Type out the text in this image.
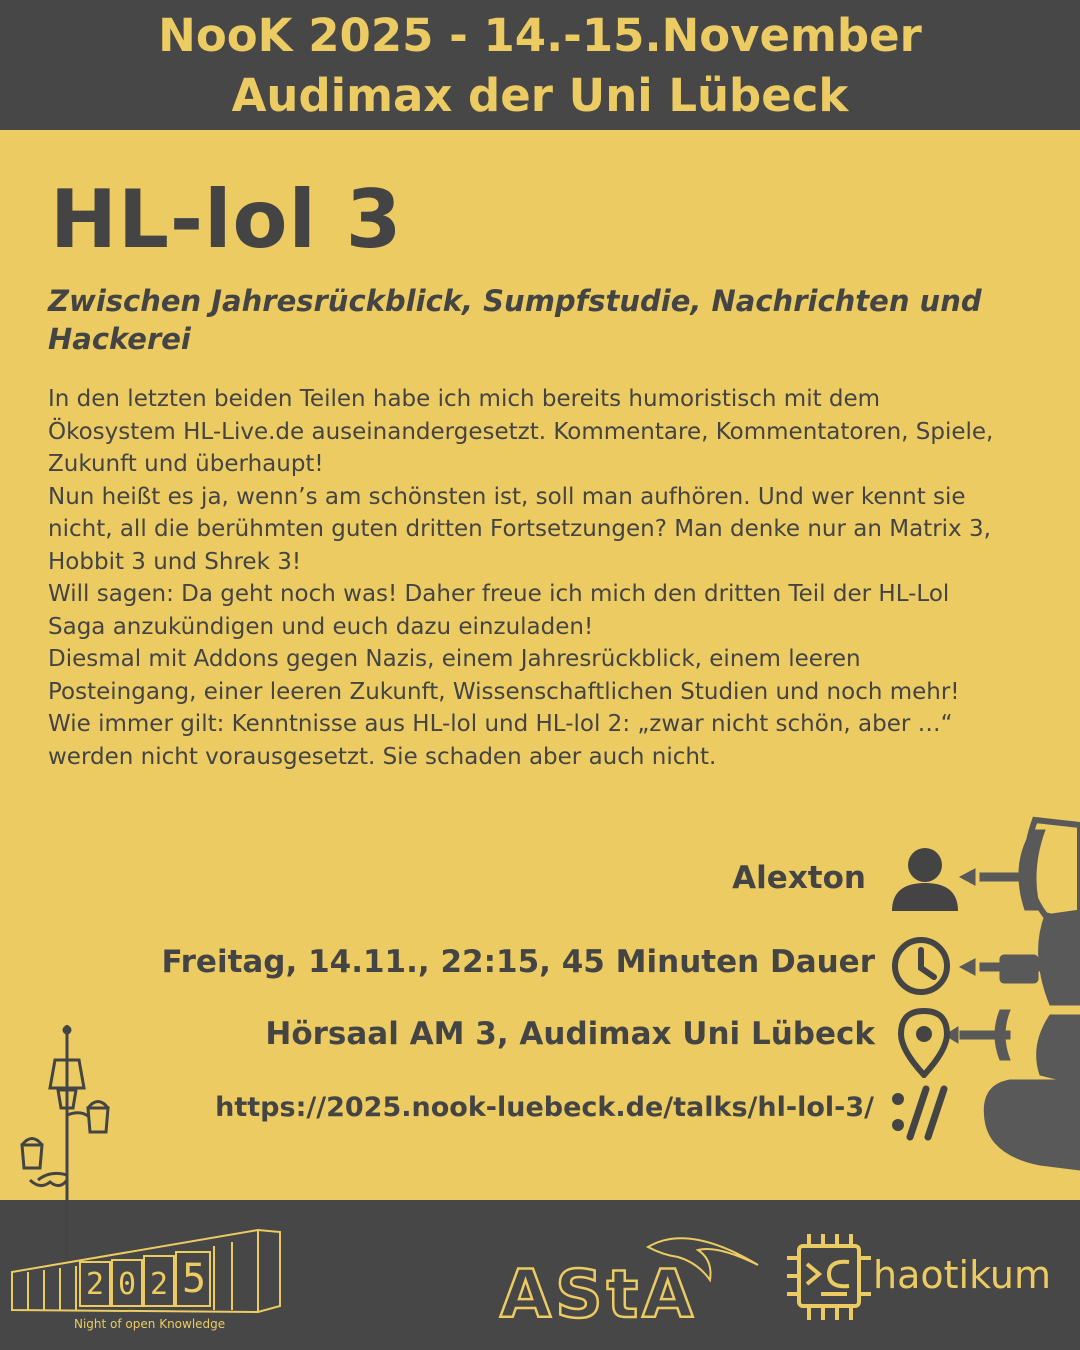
NooK 2025 - 14.-15.November
Audimax der Uni Lübeck
HL-lol 3
Zwischen Jahresrückblick, Sumpfstudie, Nachrichten und Hackerei

In den letzten beiden Teilen habe ich mich bereits humoristisch mit dem Ökosystem HL-Live.de auseinandergesetzt. Kommentare, Kommentatoren, Spiele, Zukunft und überhaupt!

Nun heißt es ja, wenn’s am schönsten ist, soll man aufhören. Und wer kennt sie nicht, all die berühmten guten dritten Fortsetzungen? Man denke nur an Matrix 3, Hobbit 3 und Shrek 3!

Will sagen: Da geht noch was! Daher freue ich mich den dritten Teil der HL-Lol Saga anzukündigen und euch dazu einzuladen!

Diesmal mit Addons gegen Nazis, einem Jahresrückblick, einem leeren Posteingang, einer leeren Zukunft, Wissenschaftlichen Studien und noch mehr!

Wie immer gilt: Kenntnisse aus HL-lol und HL-lol 2: „zwar nicht schön, aber …“ werden nicht vorausgesetzt. Sie schaden aber auch nicht.

Alexton
Freitag, 14.11., 22:15, 45 Minuten Dauer
Hörsaal AM 3, Audimax Uni Lübeck
https://2025.nook-luebeck.de/talks/hl-lol-3/
2 0 2 5
Night of open Knowledge	AStA	haotikum
